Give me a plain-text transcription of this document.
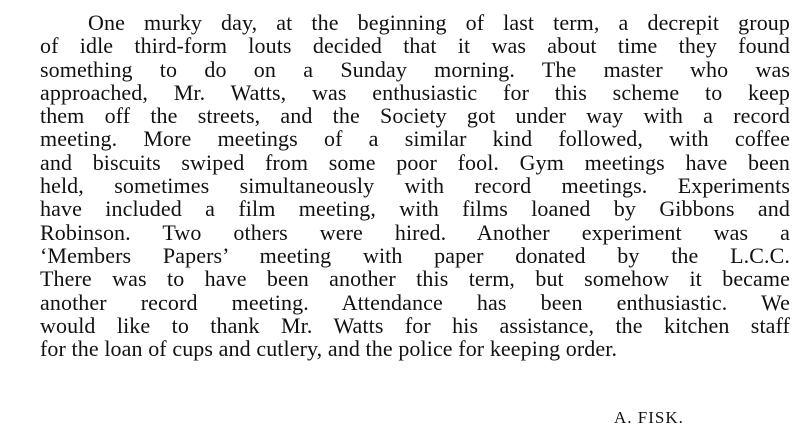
One murky day, at the beginning of last term, a decrepit group
of idle third-form louts decided that it was about time they found
something to do on a Sunday morning. The master who was
approached, Mr. Watts, was enthusiastic for this scheme to keep
them off the streets, and the Society got under way with a record
meeting. More meetings of a similar kind followed, with coffee
and biscuits swiped from some poor fool. Gym meetings have been
held, sometimes simultaneously with record meetings. Experiments
have included a film meeting, with films loaned by Gibbons and
Robinson. Two others were hired. Another experiment was a
‘Members Papers’ meeting with paper donated by the L.C.C.
There was to have been another this term, but somehow it became
another record meeting. Attendance has been enthusiastic. We
would like to thank Mr. Watts for his assistance, the kitchen staff
for the loan of cups and cutlery, and the police for keeping order.
A. FISK.
